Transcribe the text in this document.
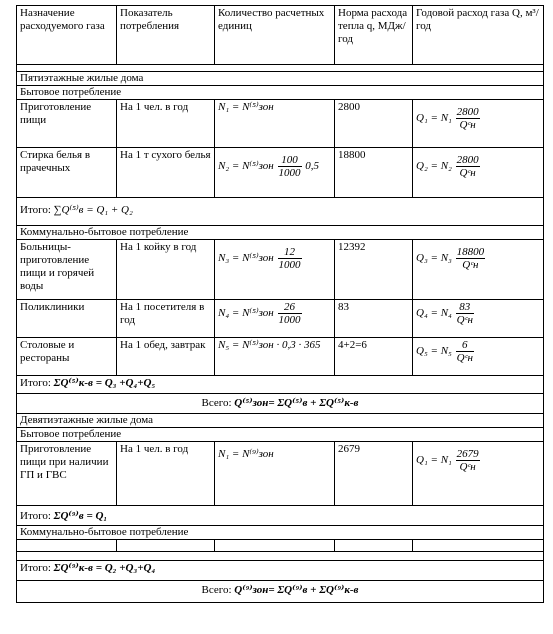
Назначение расходуемого газа	Показатель потребления	Количество расчетных единиц	Норма расхода тепла q, МДж/год	Годовой расход газа Q, м³/год

Пятиэтажные жилые дома				
Бытовое потребление				
Приготовление пищи	На 1 чел. в год	N₁ = N⁽⁵⁾зон	2800	$Q_1 = N_1 \frac{2800}{\text{Qᶜн}}$

Стирка белья в прачечных	На 1 т сухого белья	$N_2 = N^{(5)}зон \frac{100}{1000} 0,5$	18800	$Q_2 = N_2 \frac{2800}{\text{Qᶜн}}$

Итого: ∑Q⁽⁵⁾в = Q₁ + Q₂				
Коммунально-бытовое потребление				
Больницы- приготовление пищи и горячей воды	На 1 койку в год	$N_3 = N^{(5)}зон \frac{12}{1000}$	12392	$Q_3 = N_3 \frac{18800}{\text{Qᶜн}}$

Поликлиники	На 1 посетителя в год	$N_4 = N^{(5)}зон \frac{26}{1000}$	83	$Q_4 = N_4 \frac{83}{\text{Qᶜн}}$

Столовые и рестораны	На 1 обед, завтрак	N₅ = N⁽⁵⁾зон · 0,3 · 365	4+2=6	$Q_5 = N_5 \frac{6}{\text{Qᶜн}}$

Итого: ΣQ⁽⁵⁾к-в = Q₃ +Q₄+Q₅				
Всего: Q⁽⁵⁾зон= ΣQ⁽⁵⁾в + ΣQ⁽⁵⁾к-в				
Девятиэтажные жилые дома				
Бытовое потребление				
Приготовление пищи при наличии ГП и ГВС	На 1 чел. в год	N₁ = N⁽⁹⁾зон	2679	$Q_1 = N_1 \frac{2679}{\text{Qᶜн}}$

Итого: ΣQ⁽⁹⁾в = Q₁				
Коммунально-бытовое потребление				

Итого: ΣQ⁽⁹⁾к-в = Q₂ +Q₃+Q₄				
Всего: Q⁽⁹⁾зон= ΣQ⁽⁹⁾в + ΣQ⁽⁹⁾к-в				
